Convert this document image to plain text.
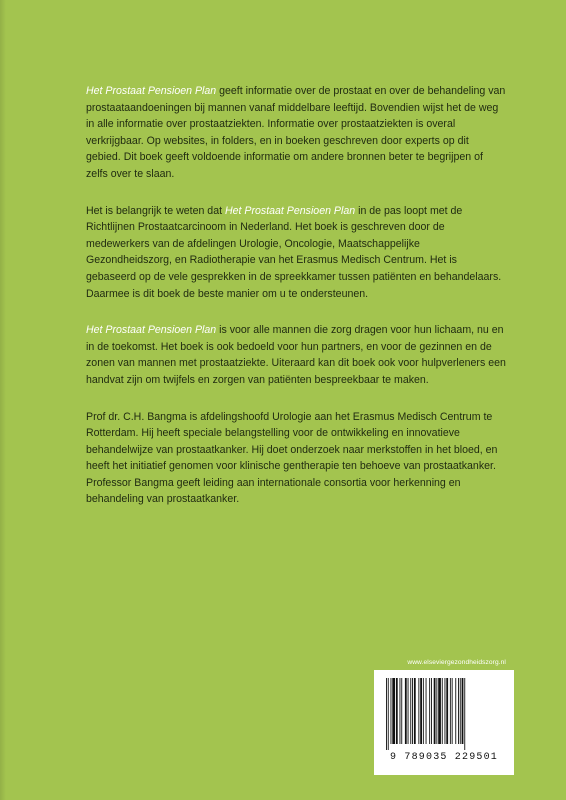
Het Prostaat Pensioen Plan geeft informatie over de prostaat en over de behandeling van prostaataandoeningen bij mannen vanaf middelbare leeftijd. Bovendien wijst het de weg in alle informatie over prostaatziekten. Informatie over prostaatziekten is overal verkrijgbaar. Op websites, in folders, en in boeken geschreven door experts op dit gebied. Dit boek geeft voldoende informatie om andere bronnen beter te begrijpen of zelfs over te slaan.

Het is belangrijk te weten dat Het Prostaat Pensioen Plan in de pas loopt met de Richtlijnen Prostaatcarcinoom in Nederland. Het boek is geschreven door de medewerkers van de afdelingen Urologie, Oncologie, Maatschappelijke Gezondheidszorg, en Radiotherapie van het Erasmus Medisch Centrum. Het is gebaseerd op de vele gesprekken in de spreekkamer tussen patiënten en behandelaars. Daarmee is dit boek de beste manier om u te ondersteunen.

Het Prostaat Pensioen Plan is voor alle mannen die zorg dragen voor hun lichaam, nu en in de toekomst. Het boek is ook bedoeld voor hun partners, en voor de gezinnen en de zonen van mannen met prostaatziekte. Uiteraard kan dit boek ook voor hulpverleners een handvat zijn om twijfels en zorgen van patiënten bespreekbaar te maken.

Prof dr. C.H. Bangma is afdelingshoofd Urologie aan het Erasmus Medisch Centrum te Rotterdam. Hij heeft speciale belangstelling voor de ontwikkeling en innovatieve behandelwijze van prostaatkanker. Hij doet onderzoek naar merkstoffen in het bloed, en heeft het initiatief genomen voor klinische gentherapie ten behoeve van prostaatkanker. Professor Bangma geeft leiding aan internationale consortia voor herkenning en behandeling van prostaatkanker.

www.elseviergezondheidszorg.nl
9 789035 229501
